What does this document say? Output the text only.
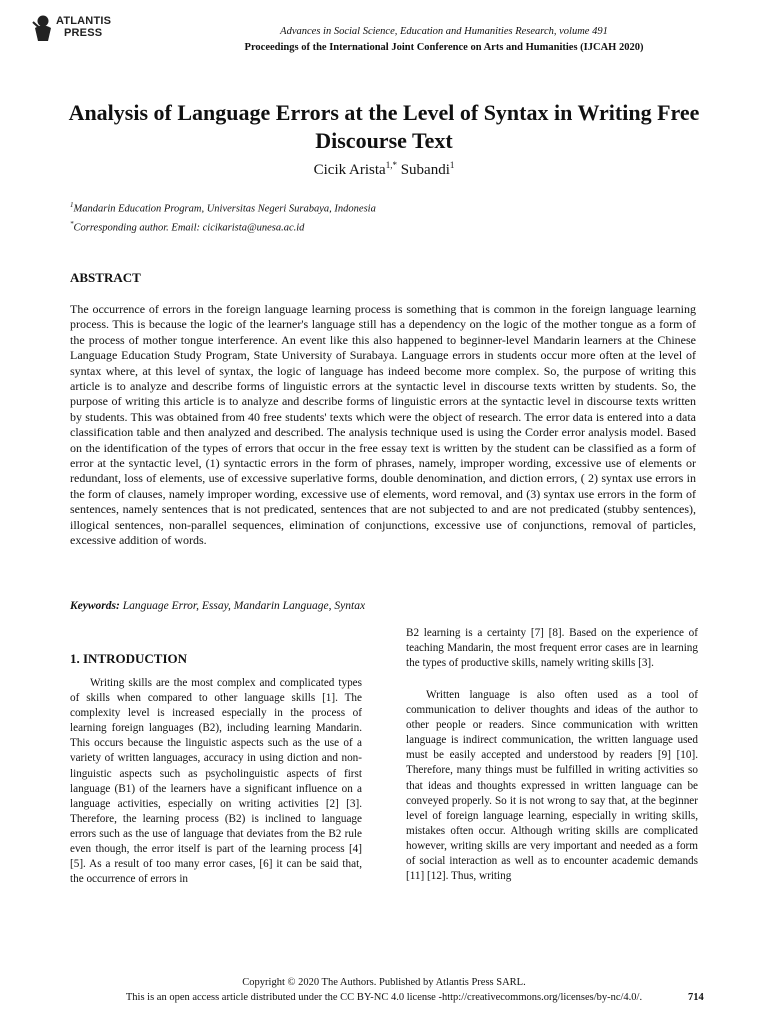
ATLANTIS
PRESS	Advances in Social Science, Education and Humanities Research, volume 491
Proceedings of the International Joint Conference on Arts and Humanities (IJCAH 2020)
Analysis of Language Errors at the Level of Syntax in Writing Free Discourse Text
Cicik Arista$^{1,*}$ Subandi$^1$
$^1$Mandarin Education Program, Universitas Negeri Surabaya, Indonesia
*Corresponding author. Email: cicikarista@unesa.ac.id
ABSTRACT
The occurrence of errors in the foreign language learning process is something that is common in the foreign language learning process. This is because the logic of the learner's language still has a dependency on the logic of the mother tongue as a form of the process of mother tongue interference. An event like this also happened to beginner-level Mandarin learners at the Chinese Language Education Study Program, State University of Surabaya. Language errors in students occur more often at the level of syntax where, at this level of syntax, the logic of language has indeed become more complex. So, the purpose of writing this article is to analyze and describe forms of linguistic errors at the syntactic level in discourse texts written by students. So, the purpose of writing this article is to analyze and describe forms of linguistic errors at the syntactic level in discourse texts written by students. This was obtained from 40 free students' texts which were the object of research. The error data is entered into a data classification table and then analyzed and described. The analysis technique used is using the Corder error analysis model. Based on the identification of the types of errors that occur in the free essay text is written by the student can be classified as a form of error at the syntactic level, (1) syntactic errors in the form of phrases, namely, improper wording, excessive use of elements or redundant, loss of elements, use of excessive superlative forms, double denomination, and diction errors, ( 2) syntax use errors in the form of clauses, namely improper wording, excessive use of elements, word removal, and (3) syntax use errors in the form of sentences, namely sentences that is not predicated, sentences that are not subjected to and are not predicated (stubby sentences), illogical sentences, non-parallel sequences, elimination of conjunctions, excessive use of conjunctions, removal of particles, excessive addition of words.
Keywords: Language Error, Essay, Mandarin Language, Syntax
1. INTRODUCTION
Writing skills are the most complex and complicated types of skills when compared to other language skills [1]. The complexity level is increased especially in the process of learning foreign languages (B2), including learning Mandarin. This occurs because the linguistic aspects such as the use of a variety of written languages, accuracy in using diction and non-linguistic aspects such as psycholinguistic aspects of first language (B1) of the learners have a significant influence on a language activities, especially on writing activities [2] [3]. Therefore, the learning process (B2) is inclined to language errors such as the use of language that deviates from the B2 rule even though, the error itself is part of the learning process [4] [5]. As a result of too many error cases, [6] it can be said that, the occurrence of errors in
B2 learning is a certainty [7] [8]. Based on the experience of teaching Mandarin, the most frequent error cases are in learning the types of productive skills, namely writing skills [3].
Written language is also often used as a tool of communication to deliver thoughts and ideas of the author to other people or readers. Since communication with written language is indirect communication, the written language used must be easily accepted and understood by readers [9] [10]. Therefore, many things must be fulfilled in writing activities so that ideas and thoughts expressed in written language can be conveyed properly. So it is not wrong to say that, at the beginner level of foreign language learning, especially in writing skills, mistakes often occur. Although writing skills are complicated however, writing skills are very important and needed as a form of social interaction as well as to encounter academic demands [11] [12]. Thus, writing
Copyright © 2020 The Authors. Published by Atlantis Press SARL.
This is an open access article distributed under the CC BY-NC 4.0 license -http://creativecommons.org/licenses/by-nc/4.0/.	714
